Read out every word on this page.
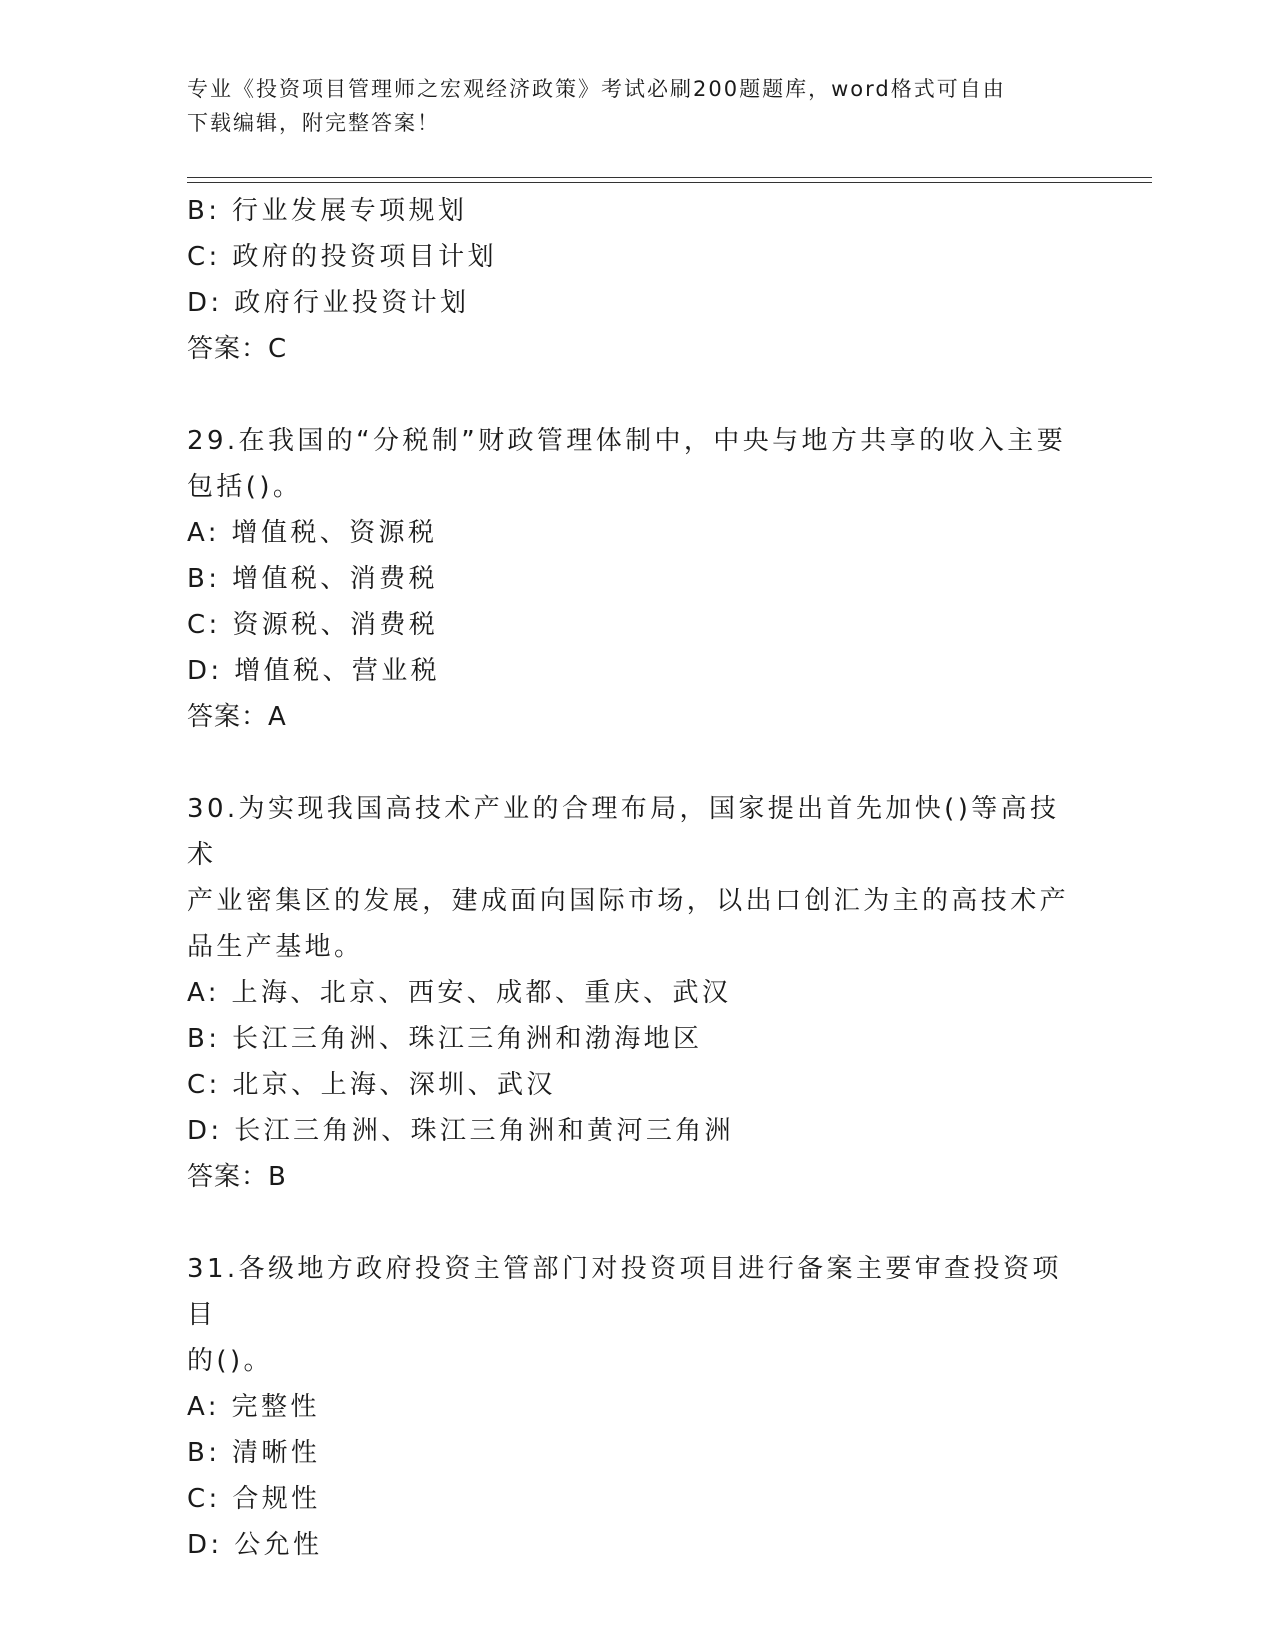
专业《投资项目管理师之宏观经济政策》考试必刷200题题库，word格式可自由
下载编辑，附完整答案！
B: 行业发展专项规划
C: 政府的投资项目计划
D: 政府行业投资计划
答案：C
29.在我国的“分税制”财政管理体制中，中央与地方共享的收入主要
包括()。
A: 增值税、资源税
B: 增值税、消费税
C: 资源税、消费税
D: 增值税、营业税
答案：A
30.为实现我国高技术产业的合理布局，国家提出首先加快()等高技术
产业密集区的发展，建成面向国际市场，以出口创汇为主的高技术产
品生产基地。
A: 上海、北京、西安、成都、重庆、武汉
B: 长江三角洲、珠江三角洲和渤海地区
C: 北京、上海、深圳、武汉
D: 长江三角洲、珠江三角洲和黄河三角洲
答案：B
31.各级地方政府投资主管部门对投资项目进行备案主要审查投资项目
的()。
A: 完整性
B: 清晰性
C: 合规性
D: 公允性
